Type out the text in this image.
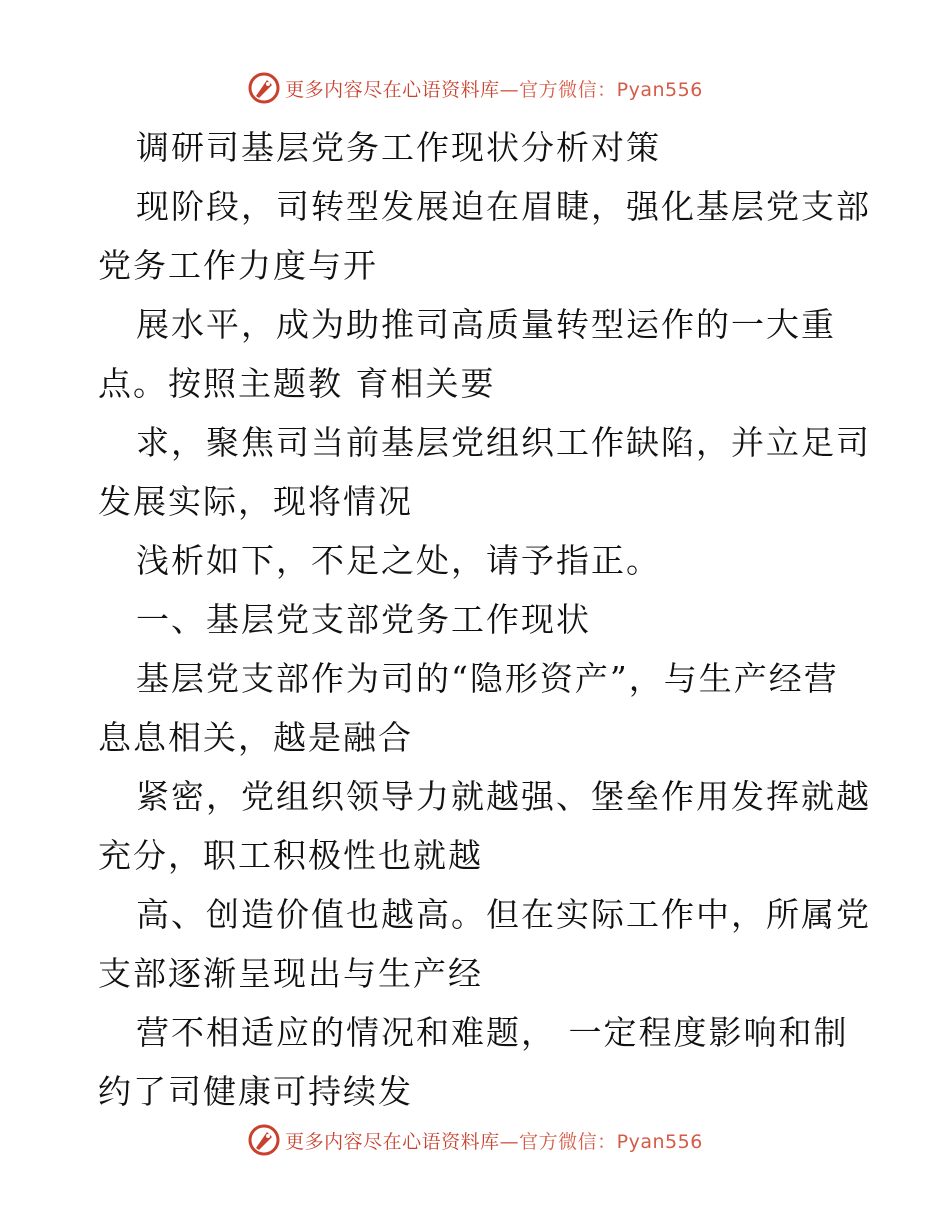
更多内容尽在心语资料库—官方微信：Pyan556
调研司基层党务工作现状分析对策
现阶段，司转型发展迫在眉睫，强化基层党支部
党务工作力度与开
展水平，成为助推司高质量转型运作的一大重
点。按照主题教 育相关要
求，聚焦司当前基层党组织工作缺陷，并立足司
发展实际，现将情况
浅析如下，不足之处，请予指正。
一、基层党支部党务工作现状
基层党支部作为司的“隐形资产”，与生产经营
息息相关，越是融合
紧密，党组织领导力就越强、堡垒作用发挥就越
充分，职工积极性也就越
高、创造价值也越高。但在实际工作中，所属党
支部逐渐呈现出与生产经
营不相适应的情况和难题， 一定程度影响和制
约了司健康可持续发
更多内容尽在心语资料库—官方微信：Pyan556
